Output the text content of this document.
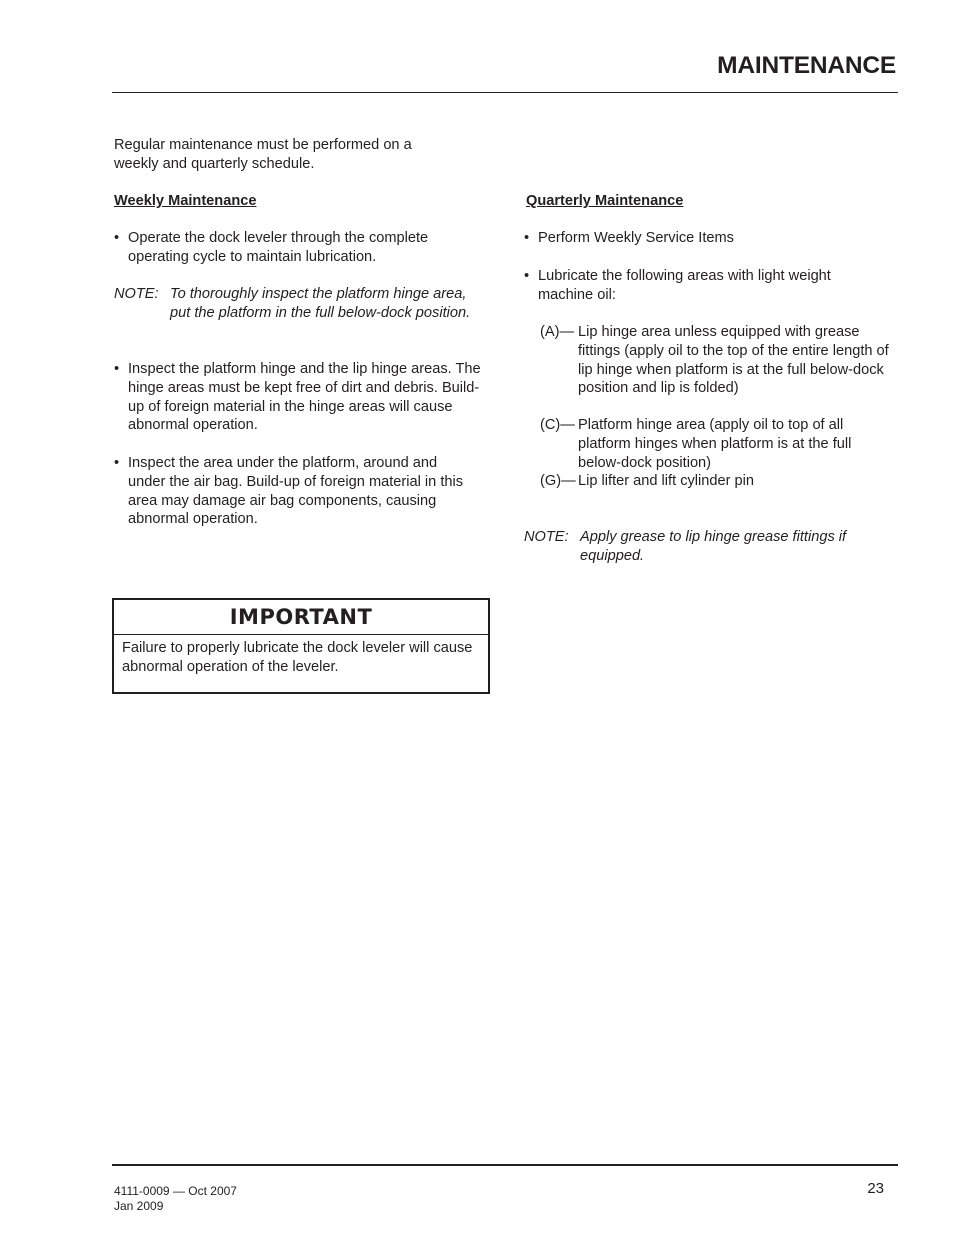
MAINTENANCE

Regular maintenance must be performed on a weekly and quarterly schedule.

Weekly Maintenance
• Operate the dock leveler through the complete operating cycle to maintain lubrication.
NOTE: To thoroughly inspect the platform hinge area, put the platform in the full below-dock position.
• Inspect the platform hinge and the lip hinge areas. The hinge areas must be kept free of dirt and debris. Build-up of foreign material in the hinge areas will cause abnormal operation.
• Inspect the area under the platform, around and under the air bag. Build-up of foreign material in this area may damage air bag components, causing abnormal operation.
IMPORTANT
Failure to properly lubricate the dock leveler will cause abnormal operation of the leveler.
Quarterly Maintenance
• Perform Weekly Service Items
• Lubricate the following areas with light weight machine oil:
(A)— Lip hinge area unless equipped with grease fittings (apply oil to the top of the entire length of lip hinge when platform is at the full below-dock position and lip is folded)
(C)— Platform hinge area (apply oil to top of all platform hinges when platform is at the full below-dock position)
(G)— Lip lifter and lift cylinder pin
NOTE: Apply grease to lip hinge grease fittings if equipped.
4111-0009 — Oct 2007
Jan 2009
23
